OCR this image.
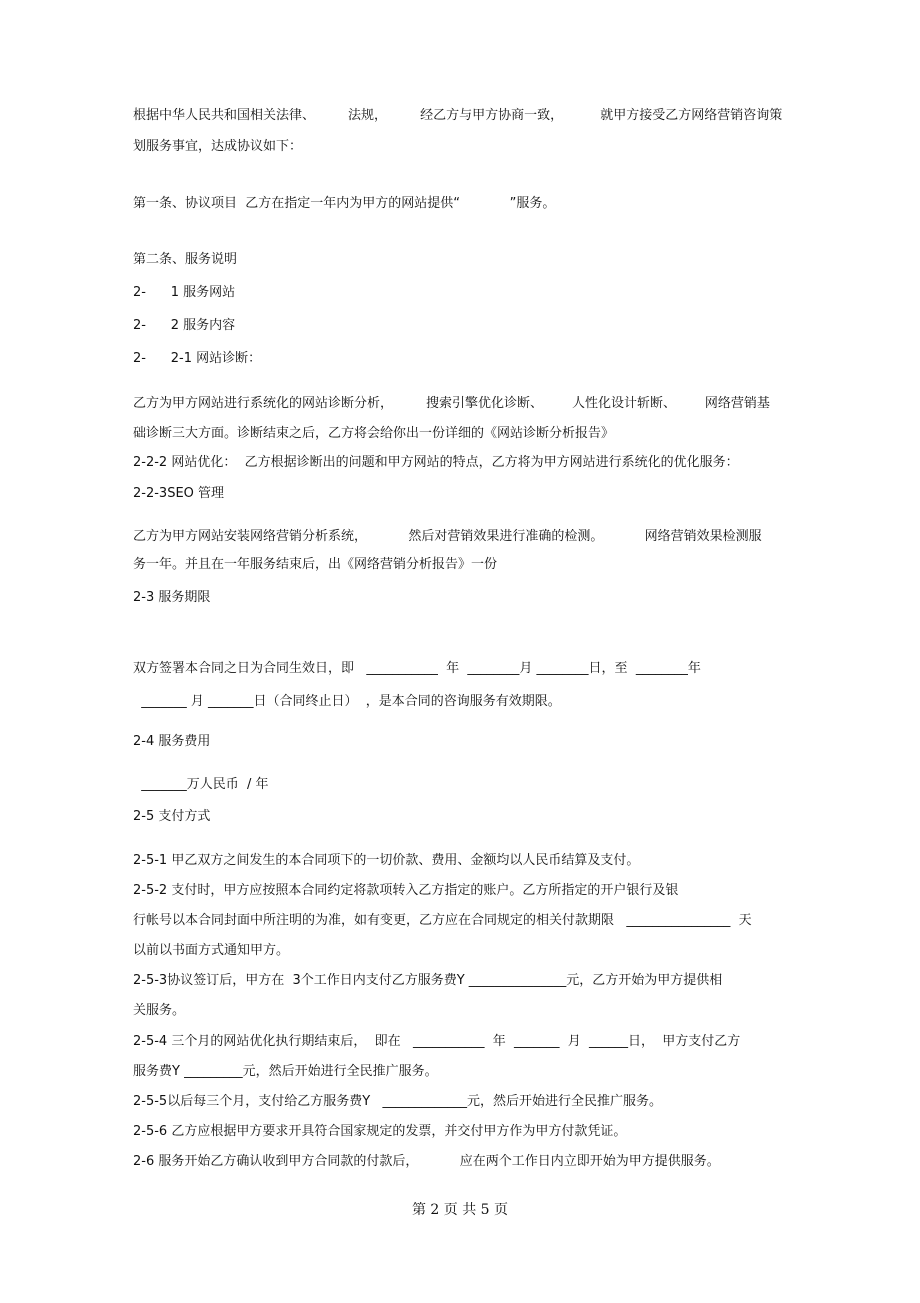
根据中华人民共和国相关法律、        法规，        经乙方与甲方协商一致，         就甲方接受乙方网络营销咨询策
划服务事宜，达成协议如下：
第一条、协议项目  乙方在指定一年内为甲方的网站提供“            ”服务。
第二条、服务说明
2-      1 服务网站
2-      2 服务内容
2-      2-1 网站诊断：
乙方为甲方网站进行系统化的网站诊断分析，        搜索引擎优化诊断、       人性化设计斩断、       网络营销基
础诊断三大方面。诊断结束之后，乙方将会给你出一份详细的《网站诊断分析报告》
2-2-2 网站优化：  乙方根据诊断出的问题和甲方网站的特点，乙方将为甲方网站进行系统化的优化服务：
2-2-3SEO 管理
乙方为甲方网站安装网络营销分析系统，          然后对营销效果进行准确的检测。          网络营销效果检测服
务一年。并且在一年服务结束后，出《网络营销分析报告》一份
2-3 服务期限
双方签署本合同之日为合同生效日，即   ___________  年  ________月 ________日，至  ________年
_______ 月 _______日（合同终止日）  ，是本合同的咨询服务有效期限。
2-4 服务费用
_______万人民币  / 年
2-5 支付方式
2-5-1 甲乙双方之间发生的本合同项下的一切价款、费用、金额均以人民币结算及支付。
2-5-2 支付时，甲方应按照本合同约定将款项转入乙方指定的账户。乙方所指定的开户银行及银
行帐号以本合同封面中所注明的为准，如有变更，乙方应在合同规定的相关付款期限   ________________  天
以前以书面方式通知甲方。
2-5-3协议签订后，甲方在  3个工作日内支付乙方服务费Y _______________元，乙方开始为甲方提供相
关服务。
2-5-4 三个月的网站优化执行期结束后，  即在   ___________  年  _______  月  ______日，  甲方支付乙方
服务费Y _________元，然后开始进行全民推广服务。
2-5-5以后每三个月，支付给乙方服务费Y   _____________元，然后开始进行全民推广服务。
2-5-6 乙方应根据甲方要求开具符合国家规定的发票，并交付甲方作为甲方付款凭证。
2-6 服务开始乙方确认收到甲方合同款的付款后，          应在两个工作日内立即开始为甲方提供服务。
第 2 页 共 5 页
